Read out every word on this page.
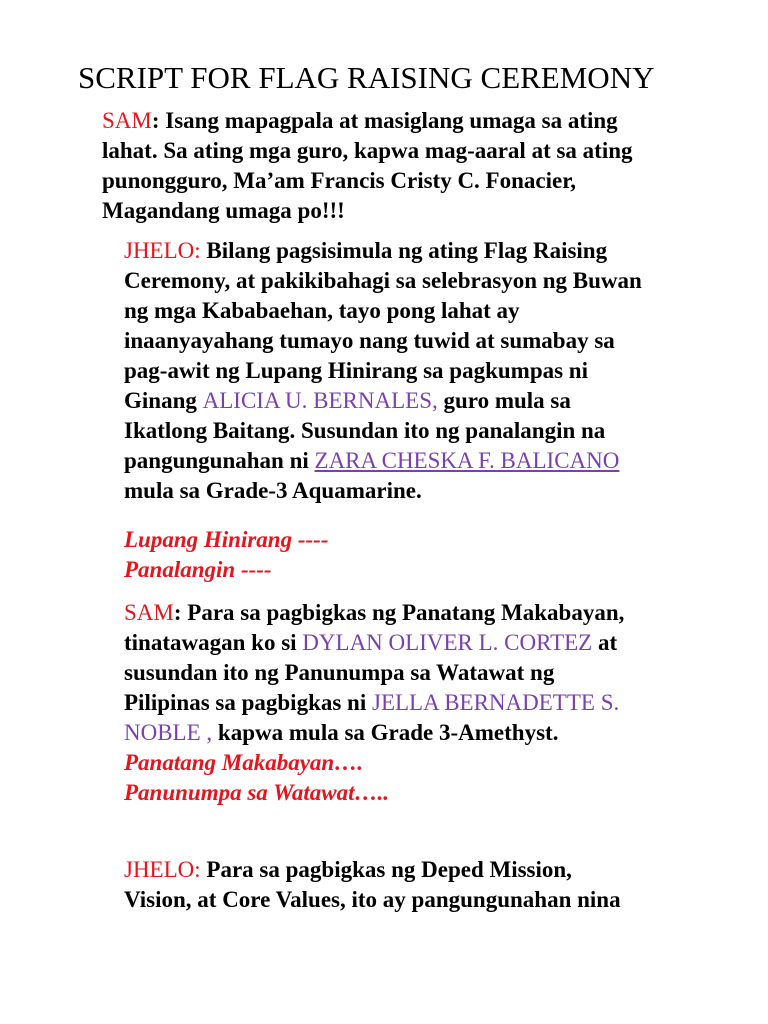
SCRIPT FOR FLAG RAISING CEREMONY
SAM: Isang mapagpala at masiglang umaga sa ating
lahat. Sa ating mga guro, kapwa mag-aaral at sa ating
punongguro, Ma’am Francis Cristy C. Fonacier,
Magandang umaga po!!!
JHELO: Bilang pagsisimula ng ating Flag Raising
Ceremony, at pakikibahagi sa selebrasyon ng Buwan
ng mga Kababaehan, tayo pong lahat ay
inaanyayahang tumayo nang tuwid at sumabay sa
pag-awit ng Lupang Hinirang sa pagkumpas ni
Ginang ALICIA U. BERNALES, guro mula sa
Ikatlong Baitang. Susundan ito ng panalangin na
pangungunahan ni ZARA CHESKA F. BALICANO
mula sa Grade-3 Aquamarine.
Lupang Hinirang ----
Panalangin ----
SAM: Para sa pagbigkas ng Panatang Makabayan,
tinatawagan ko si DYLAN OLIVER L. CORTEZ at
susundan ito ng Panunumpa sa Watawat ng
Pilipinas sa pagbigkas ni JELLA BERNADETTE S.
NOBLE , kapwa mula sa Grade 3-Amethyst.
Panatang Makabayan….
Panunumpa sa Watawat…..
JHELO: Para sa pagbigkas ng Deped Mission,
Vision, at Core Values, ito ay pangungunahan nina
